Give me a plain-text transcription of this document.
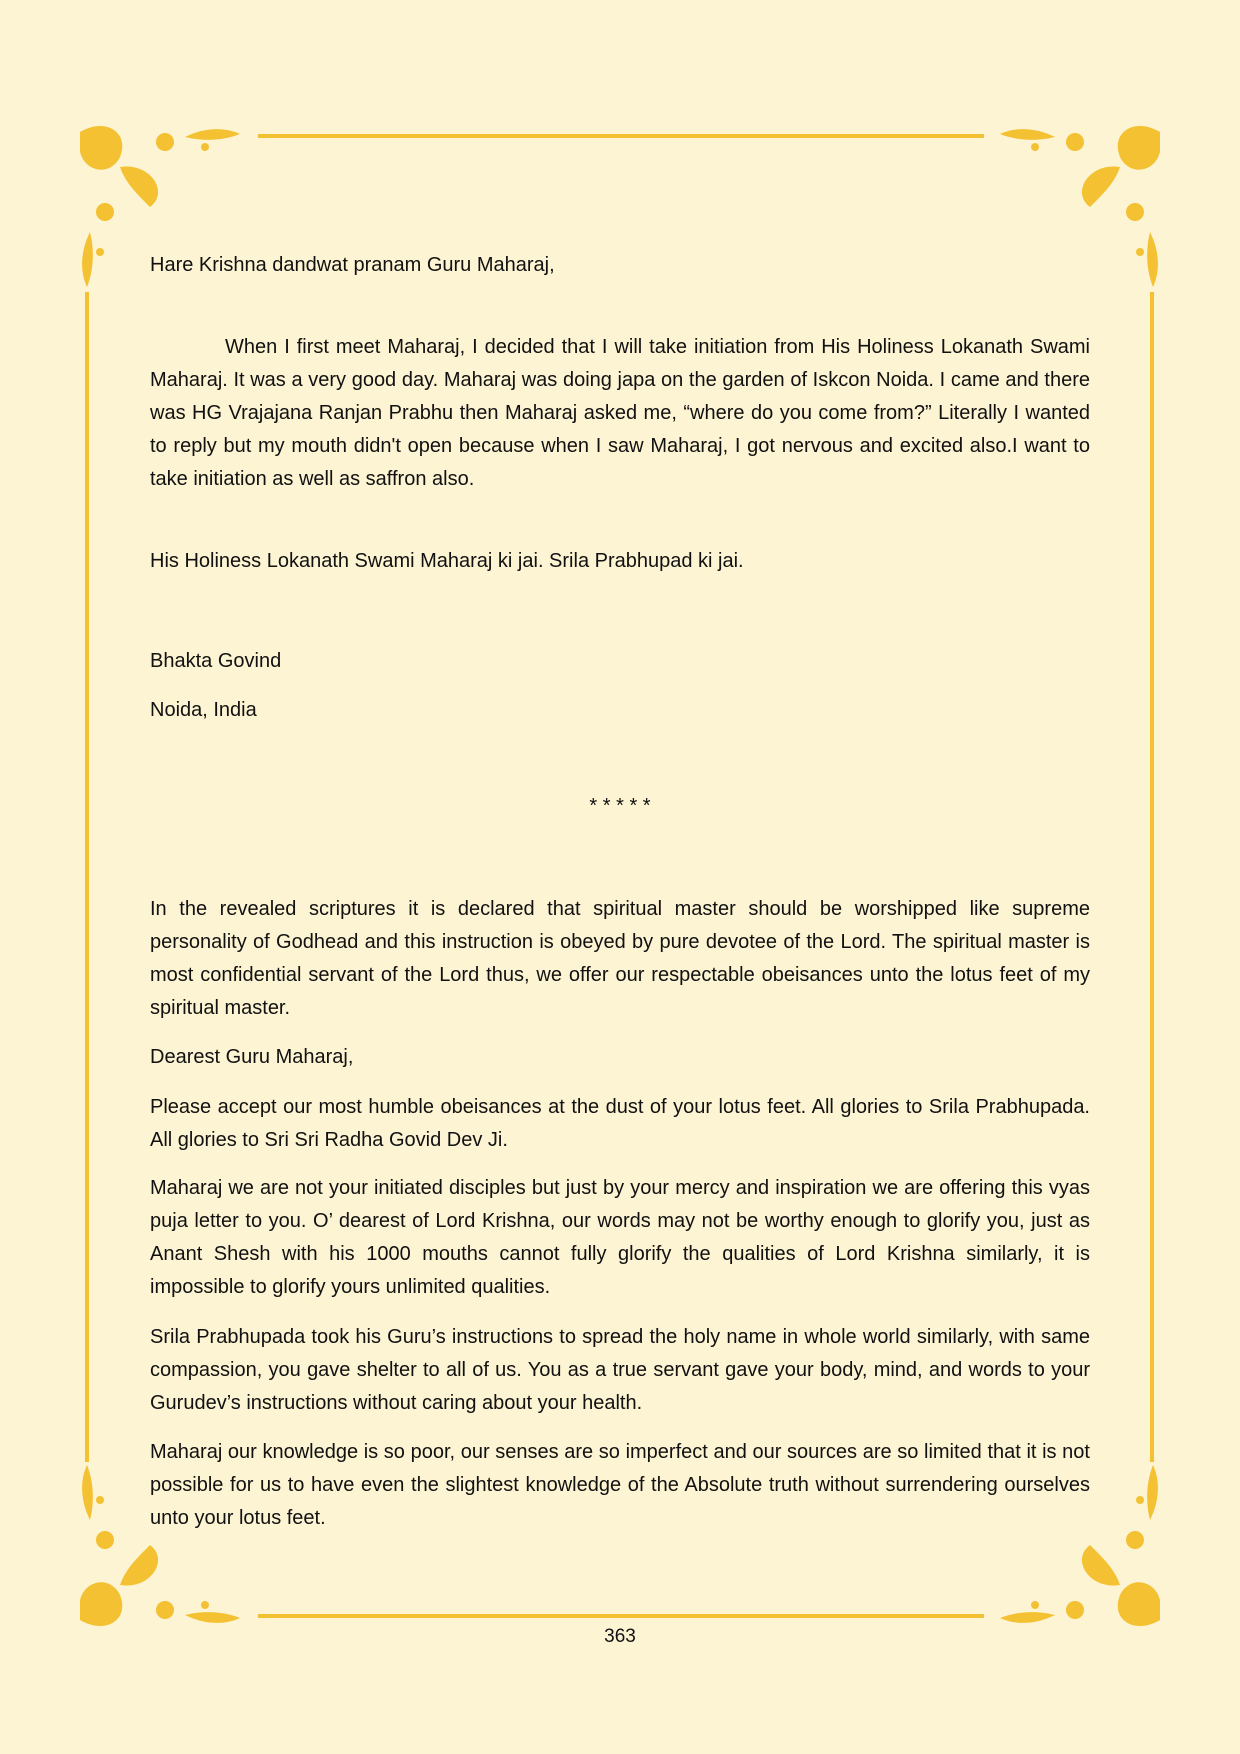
Hare Krishna dandwat pranam Guru Maharaj,
When I first meet Maharaj, I decided that I will take initiation from His Holiness Lokanath Swami Maharaj. It was a very good day. Maharaj was doing japa on the garden of Iskcon Noida. I came and there was HG Vrajajana Ranjan Prabhu then Maharaj asked me, “where do you come from?” Literally I wanted to reply but my mouth didn't open because when I saw Maharaj, I got nervous and excited also.I want to take initiation as well as saffron also.
His Holiness Lokanath Swami Maharaj ki jai. Srila Prabhupad ki jai.
Bhakta Govind
Noida, India
* * * * *
In the revealed scriptures it is declared that spiritual master should be worshipped like supreme personality of Godhead and this instruction is obeyed by pure devotee of the Lord. The spiritual master is most confidential servant of the Lord thus, we offer our respectable obeisances unto the lotus feet of my spiritual master.
Dearest Guru Maharaj,
Please accept our most humble obeisances at the dust of your lotus feet. All glories to Srila Prabhupada. All glories to Sri Sri Radha Govid Dev Ji.
Maharaj we are not your initiated disciples but just by your mercy and inspiration we are offering this vyas puja letter to you. O’ dearest of Lord Krishna, our words may not be worthy enough to glorify you, just as Anant Shesh with his 1000 mouths cannot fully glorify the qualities of Lord Krishna similarly, it is impossible to glorify yours unlimited qualities.
Srila Prabhupada took his Guru’s instructions to spread the holy name in whole world similarly, with same compassion, you gave shelter to all of us. You as a true servant gave your body, mind, and words to your Gurudev’s instructions without caring about your health.
Maharaj our knowledge is so poor, our senses are so imperfect and our sources are so limited that it is not possible for us to have even the slightest knowledge of the Absolute truth without surrendering ourselves unto your lotus feet.
363
